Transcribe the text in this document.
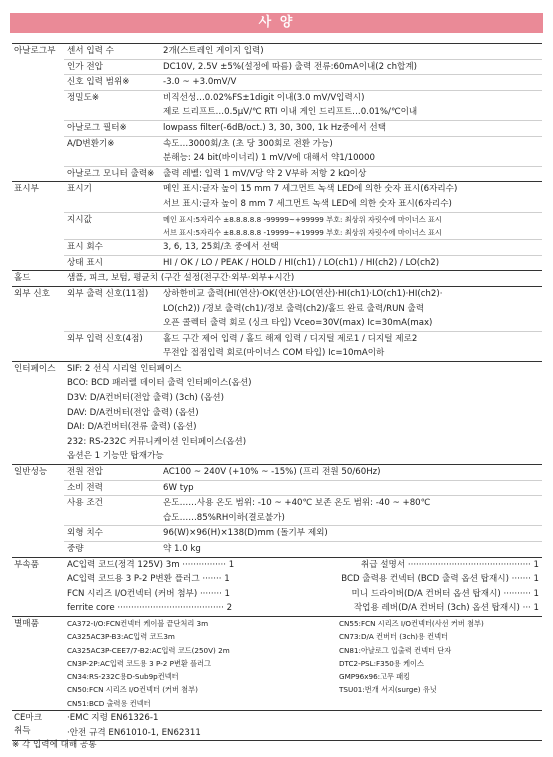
사 양
아날로그부	센서 입력 수	2개(스트레인 게이지 입력)
	인가 전압	DC10V, 2.5V ±5%(설정에 따름) 출력 전류:60mA이내(2 ch합계)
	신호 입력 범위※	-3.0 ~ +3.0mV/V
	정밀도※	비직선성…0.02%FS±1digit 이내(3.0 mV/V입력시)
		제로 드리프트…0.5μV/℃ RTI 이내 게인 드리프트…0.01%/℃이내
	아날로그 필터※	lowpass filter(-6dB/oct.) 3, 30, 300, 1k Hz중에서 선택
	A/D변환기※	속도…3000회/초 (초 당 300회로 전환 가능)
		분해능: 24 bit(바이너리) 1 mV/V에 대해서 약1/10000
	아날로그 모니터 출력※	출력 레벨: 입력 1 mV/V당 약 2 V부하 저항 2 kΩ이상
표시부	표시기	메인 표시:글자 높이 15 mm 7 세그먼트 녹색 LED에 의한 숫자 표시(6자리수)
		서브 표시:글자 높이 8 mm 7 세그먼트 녹색 LED에 의한 숫자 표시(6자리수)
	지시값	메인 표시:5자리수 ±8.8.8.8.8 -99999~+99999 부호: 최상위 자릿수에 마이너스 표시
		서브 표시:5자리수 ±8.8.8.8.8 -19999~+19999 부호: 최상위 자릿수에 마이너스 표시
	표시 회수	3, 6, 13, 25회/초 중에서 선택
	상태 표시	HI / OK / LO / PEAK / HOLD / HI(ch1) / LO(ch1) / HI(ch2) / LO(ch2)
홀드	샘플, 피크, 보텀, 평균치 (구간 설정(전구간·외부·외부+시간)	
외부 신호	외부 출력 신호(11점)	상하한비교 출력(HI(연산)·OK(연산)·LO(연산)·HI(ch1)·LO(ch1)·HI(ch2)·
		LO(ch2)) /경보 출력(ch1)/경보 출력(ch2)/홀드 완료 출력/RUN 출력
		오픈 콜렉터 출력 회로 (싱크 타입) Vceo=30V(max) Ic=30mA(max)
	외부 입력 신호(4점)	홀드 구간 제어 입력 / 홀드 해제 입력 / 디지털 제로1 / 디지털 제로2
		무전압 접점입력 회로(마이너스 COM 타입) Ic=10mA이하
인터페이스	SIF: 2 선식 시리얼 인터페이스	
	BCO: BCD 패러렐 데이터 출력 인터페이스(옵션)	
	D3V: D/A컨버터(전압 출력) (3ch) (옵션)	
	DAV: D/A컨버터(전압 출력) (옵션)	
	DAI: D/A컨버터(전류 출력) (옵션)	
	232: RS-232C 커뮤니케이션 인터페이스(옵션)	
	옵션은 1 기능만 탑재가능	
일반성능	전원 전압	AC100 ~ 240V (+10% ~ -15%) (프리 전원 50/60Hz)
	소비 전력	6W typ
	사용 조건	온도……사용 온도 범위: -10 ~ +40℃ 보존 온도 범위: -40 ~ +80℃
		습도……85%RH이하(결로불가)
	외형 치수	96(W)×96(H)×138(D)mm (돌기부 제외)
	중량	약 1.0 kg
부속품	AC입력 코드(정격 125V) 3m ················ 1 취급 설명서 ············································· 1	

	AC입력 코드용 3 P-2 P변환 플러그 ······· 1 BCD 출력용 컨넥터 (BCD 출력 옵션 탑재시) ······· 1	

	FCN 시리즈 I/O컨넥터 (커버 첨부) ········ 1 미니 드라이버(D/A 컨버터 옵션 탑재시) ·········· 1	

	ferrite core ······································· 2 작업용 레버(D/A 컨버터 (3ch) 옵션 탑재시) ··· 1	

별매품	CA372-I/O:FCN컨넥터 케이블 끝단처리 3m CN55:FCN 시리즈 I/O컨넥터(사선 커버 첨부)	

	CA325AC3P-B3:AC입력 코드3m CN73:D/A 컨버터 (3ch)용 컨넥터	

	CA325AC3P-CEE7/7-B2:AC입력 코드(250V) 2m CN81:아날로그 입출력 컨넥터 단자	

	CN3P-2P:AC입력 코드용 3 P-2 P변환 플러그 DTC2-PSL:F350용 케이스	

	CN34:RS-232C용D-Sub9p컨넥터 GMP96x96:고무 패킹	

	CN50:FCN 시리즈 I/O컨넥터 (커버 첨부) TSU01:번개 서지(surge) 유닛	

	CN51:BCD 출력용 컨넥터	

CE마크
취득	·EMC 지령 EN61326-1	
	·안전 규격 EN61010-1, EN62311	
※ 각 입력에 대해 공통
